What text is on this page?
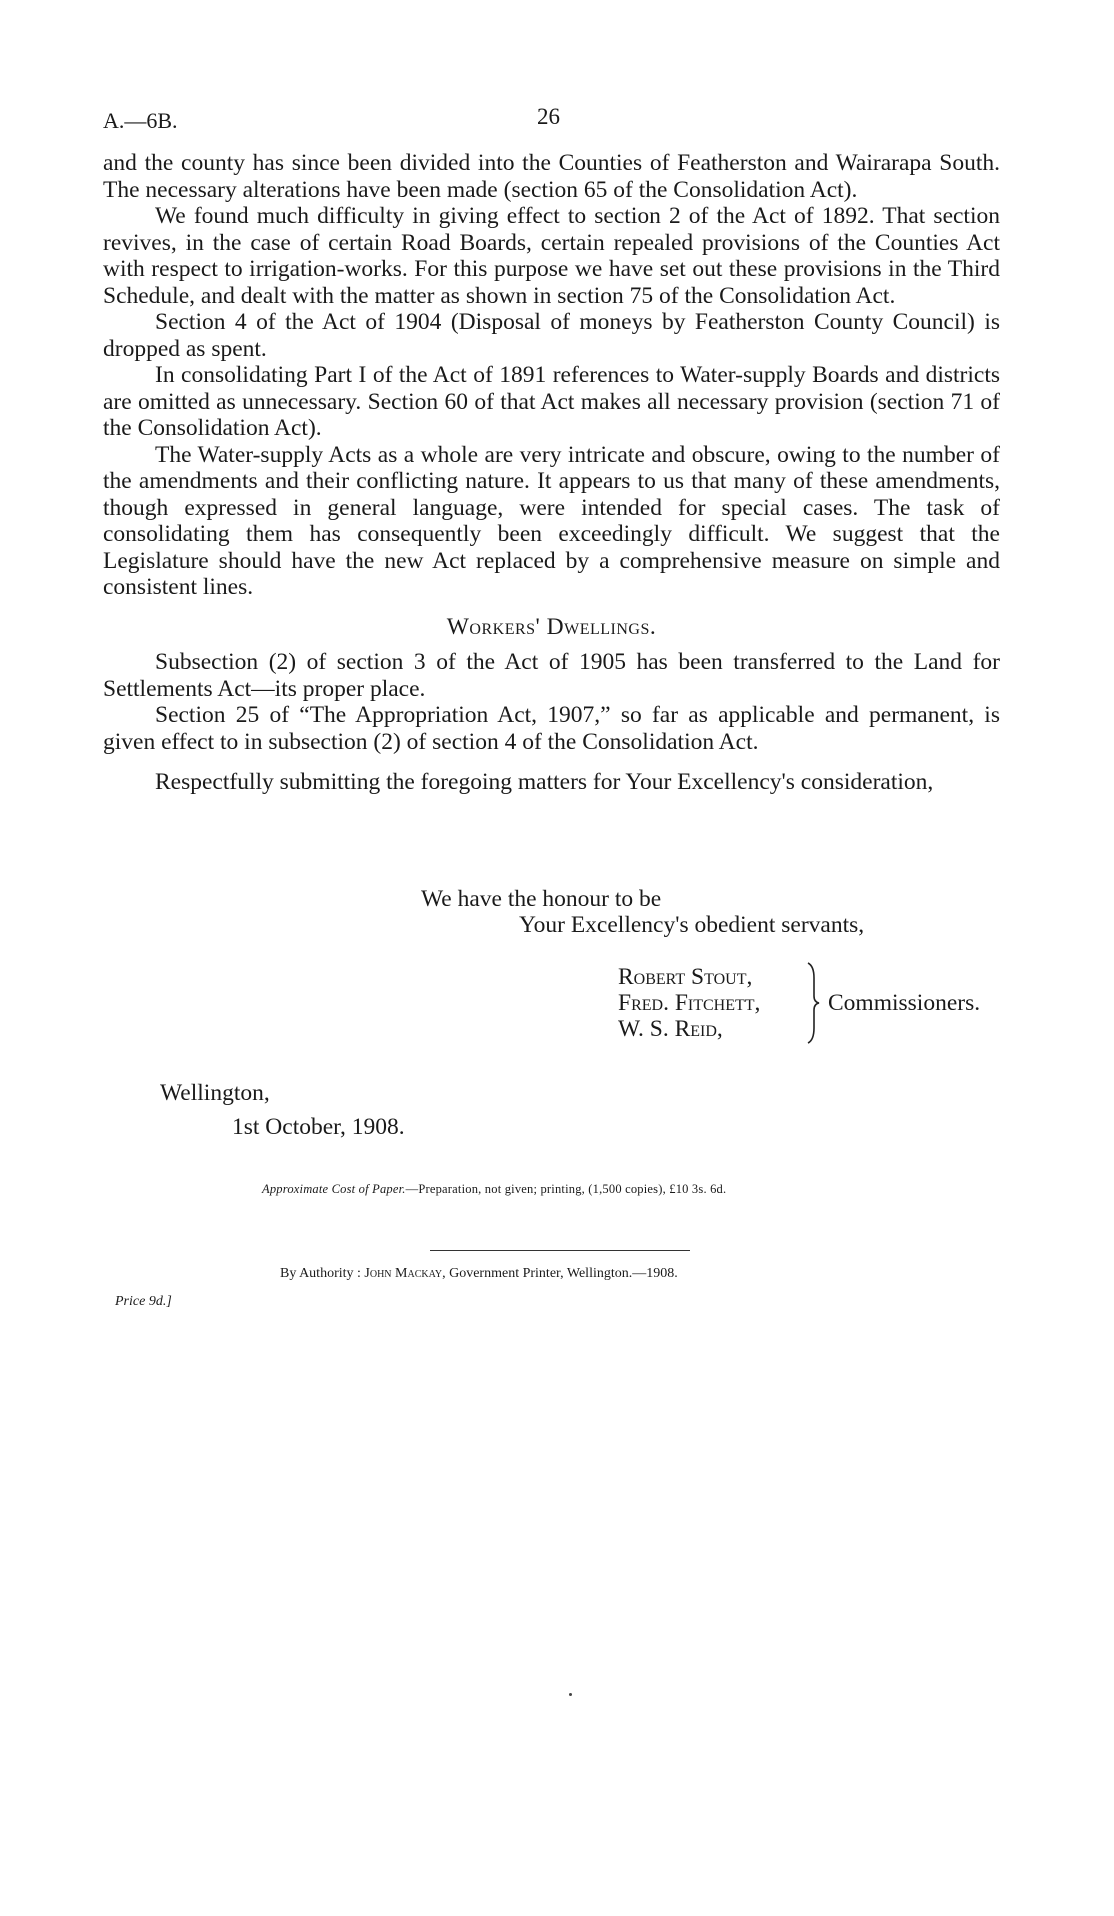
A.—6B.	26

and the county has since been divided into the Counties of Featherston and Wairarapa South. The necessary alterations have been made (section 65 of the Consolidation Act).

We found much difficulty in giving effect to section 2 of the Act of 1892. That section revives, in the case of certain Road Boards, certain repealed provisions of the Counties Act with respect to irrigation-works. For this purpose we have set out these provisions in the Third Schedule, and dealt with the matter as shown in section 75 of the Consolidation Act.

Section 4 of the Act of 1904 (Disposal of moneys by Featherston County Council) is dropped as spent.

In consolidating Part I of the Act of 1891 references to Water-supply Boards and districts are omitted as unnecessary. Section 60 of that Act makes all necessary provision (section 71 of the Consolidation Act).

The Water-supply Acts as a whole are very intricate and obscure, owing to the number of the amendments and their conflicting nature. It appears to us that many of these amendments, though expressed in general language, were intended for special cases. The task of consolidating them has consequently been exceedingly difficult. We suggest that the Legislature should have the new Act replaced by a comprehensive measure on simple and consistent lines.

Workers' Dwellings.

Subsection (2) of section 3 of the Act of 1905 has been transferred to the Land for Settlements Act—its proper place.

Section 25 of “The Appropriation Act, 1907,” so far as applicable and permanent, is given effect to in subsection (2) of section 4 of the Consolidation Act.

Respectfully submitting the foregoing matters for Your Excellency's consideration,

We have the honour to be
Your Excellency's obedient servants,
Robert Stout,
Fred. Fitchett,
W. S. Reid,
Commissioners.
Wellington,
1st October, 1908.
Approximate Cost of Paper.—Preparation, not given; printing, (1,500 copies), £10 3s. 6d.
By Authority : John Mackay, Government Printer, Wellington.—1908.
Price 9d.]
